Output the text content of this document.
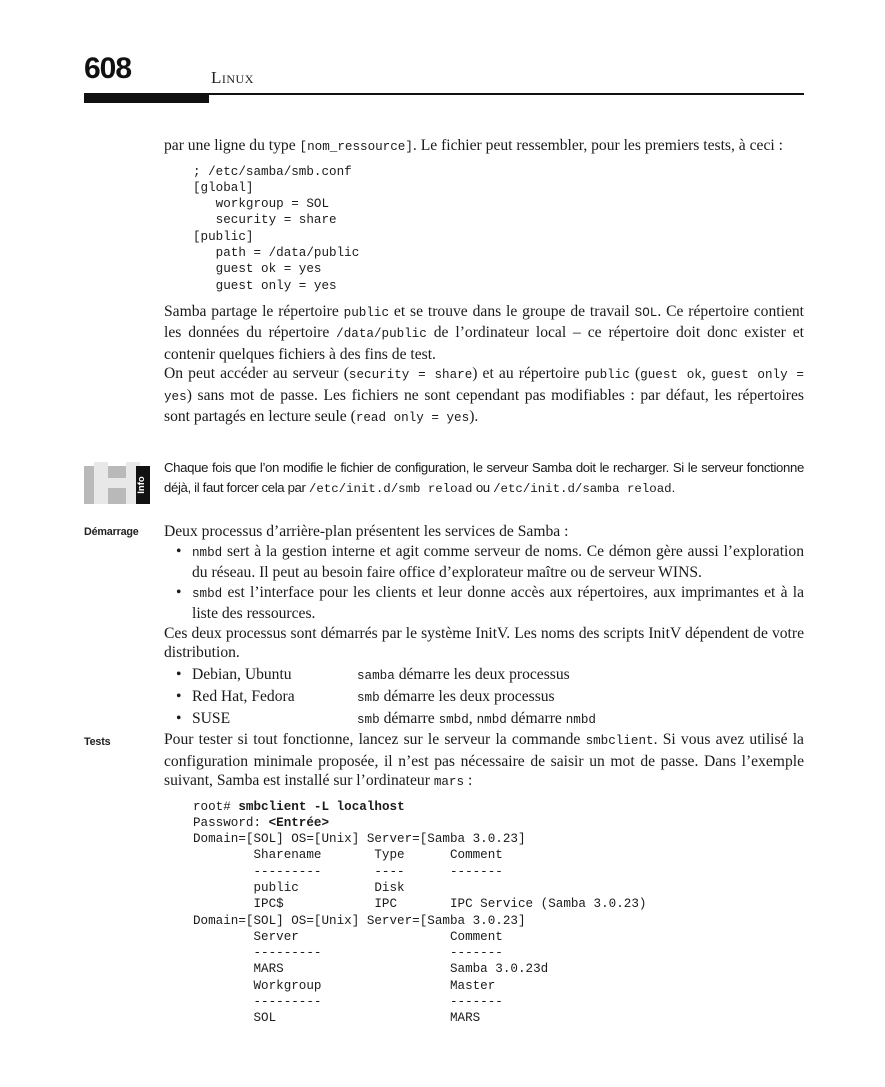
608	Linux

par une ligne du type [nom_ressource]. Le fichier peut ressembler, pour les premiers tests, à ceci :

; /etc/samba/smb.conf
[global]
workgroup = SOL
security = share
[public]
path = /data/public
guest ok = yes
guest only = yes

Samba partage le répertoire public et se trouve dans le groupe de travail SOL. Ce répertoire contient les données du répertoire /data/public de l’ordinateur local – ce répertoire doit donc exister et contenir quelques fichiers à des fins de test.

On peut accéder au serveur (security = share) et au répertoire public (guest ok, guest only = yes) sans mot de passe. Les fichiers ne sont cependant pas modifiables : par défaut, les répertoires sont partagés en lecture seule (read only = yes).

Info
Chaque fois que l’on modifie le fichier de configuration, le serveur Samba doit le recharger. Si le serveur fonctionne déjà, il faut forcer cela par /etc/init.d/smb reload ou /etc/init.d/samba reload.
Démarrage Deux processus d’arrière-plan présentent les services de Samba :

• nmbd sert à la gestion interne et agit comme serveur de noms. Ce démon gère aussi l’exploration du réseau. Il peut au besoin faire office d’explorateur maître ou de serveur WINS.
• smbd est l’interface pour les clients et leur donne accès aux répertoires, aux imprimantes et à la liste des ressources.

Ces deux processus sont démarrés par le système InitV. Les noms des scripts InitV dépendent de votre distribution.

• Debian, Ubuntu	samba démarre les deux processus
• Red Hat, Fedora	smb démarre les deux processus
• SUSE	smb démarre smbd, nmbd démarre nmbd
Tests	Pour tester si tout fonctionne, lancez sur le serveur la commande smbclient. Si vous avez utilisé la configuration minimale proposée, il n’est pas nécessaire de saisir un mot de passe. Dans l’exemple suivant, Samba est installé sur l’ordinateur mars :

root# smbclient -L localhost
Password: <Entrée>
Domain=[SOL] OS=[Unix] Server=[Samba 3.0.23]
Sharename       Type      Comment
---------       ----      -------
public          Disk
IPC$            IPC       IPC Service (Samba 3.0.23)
Domain=[SOL] OS=[Unix] Server=[Samba 3.0.23]
Server                    Comment
---------                 -------
MARS                      Samba 3.0.23d
Workgroup                 Master
---------                 -------
SOL                       MARS
